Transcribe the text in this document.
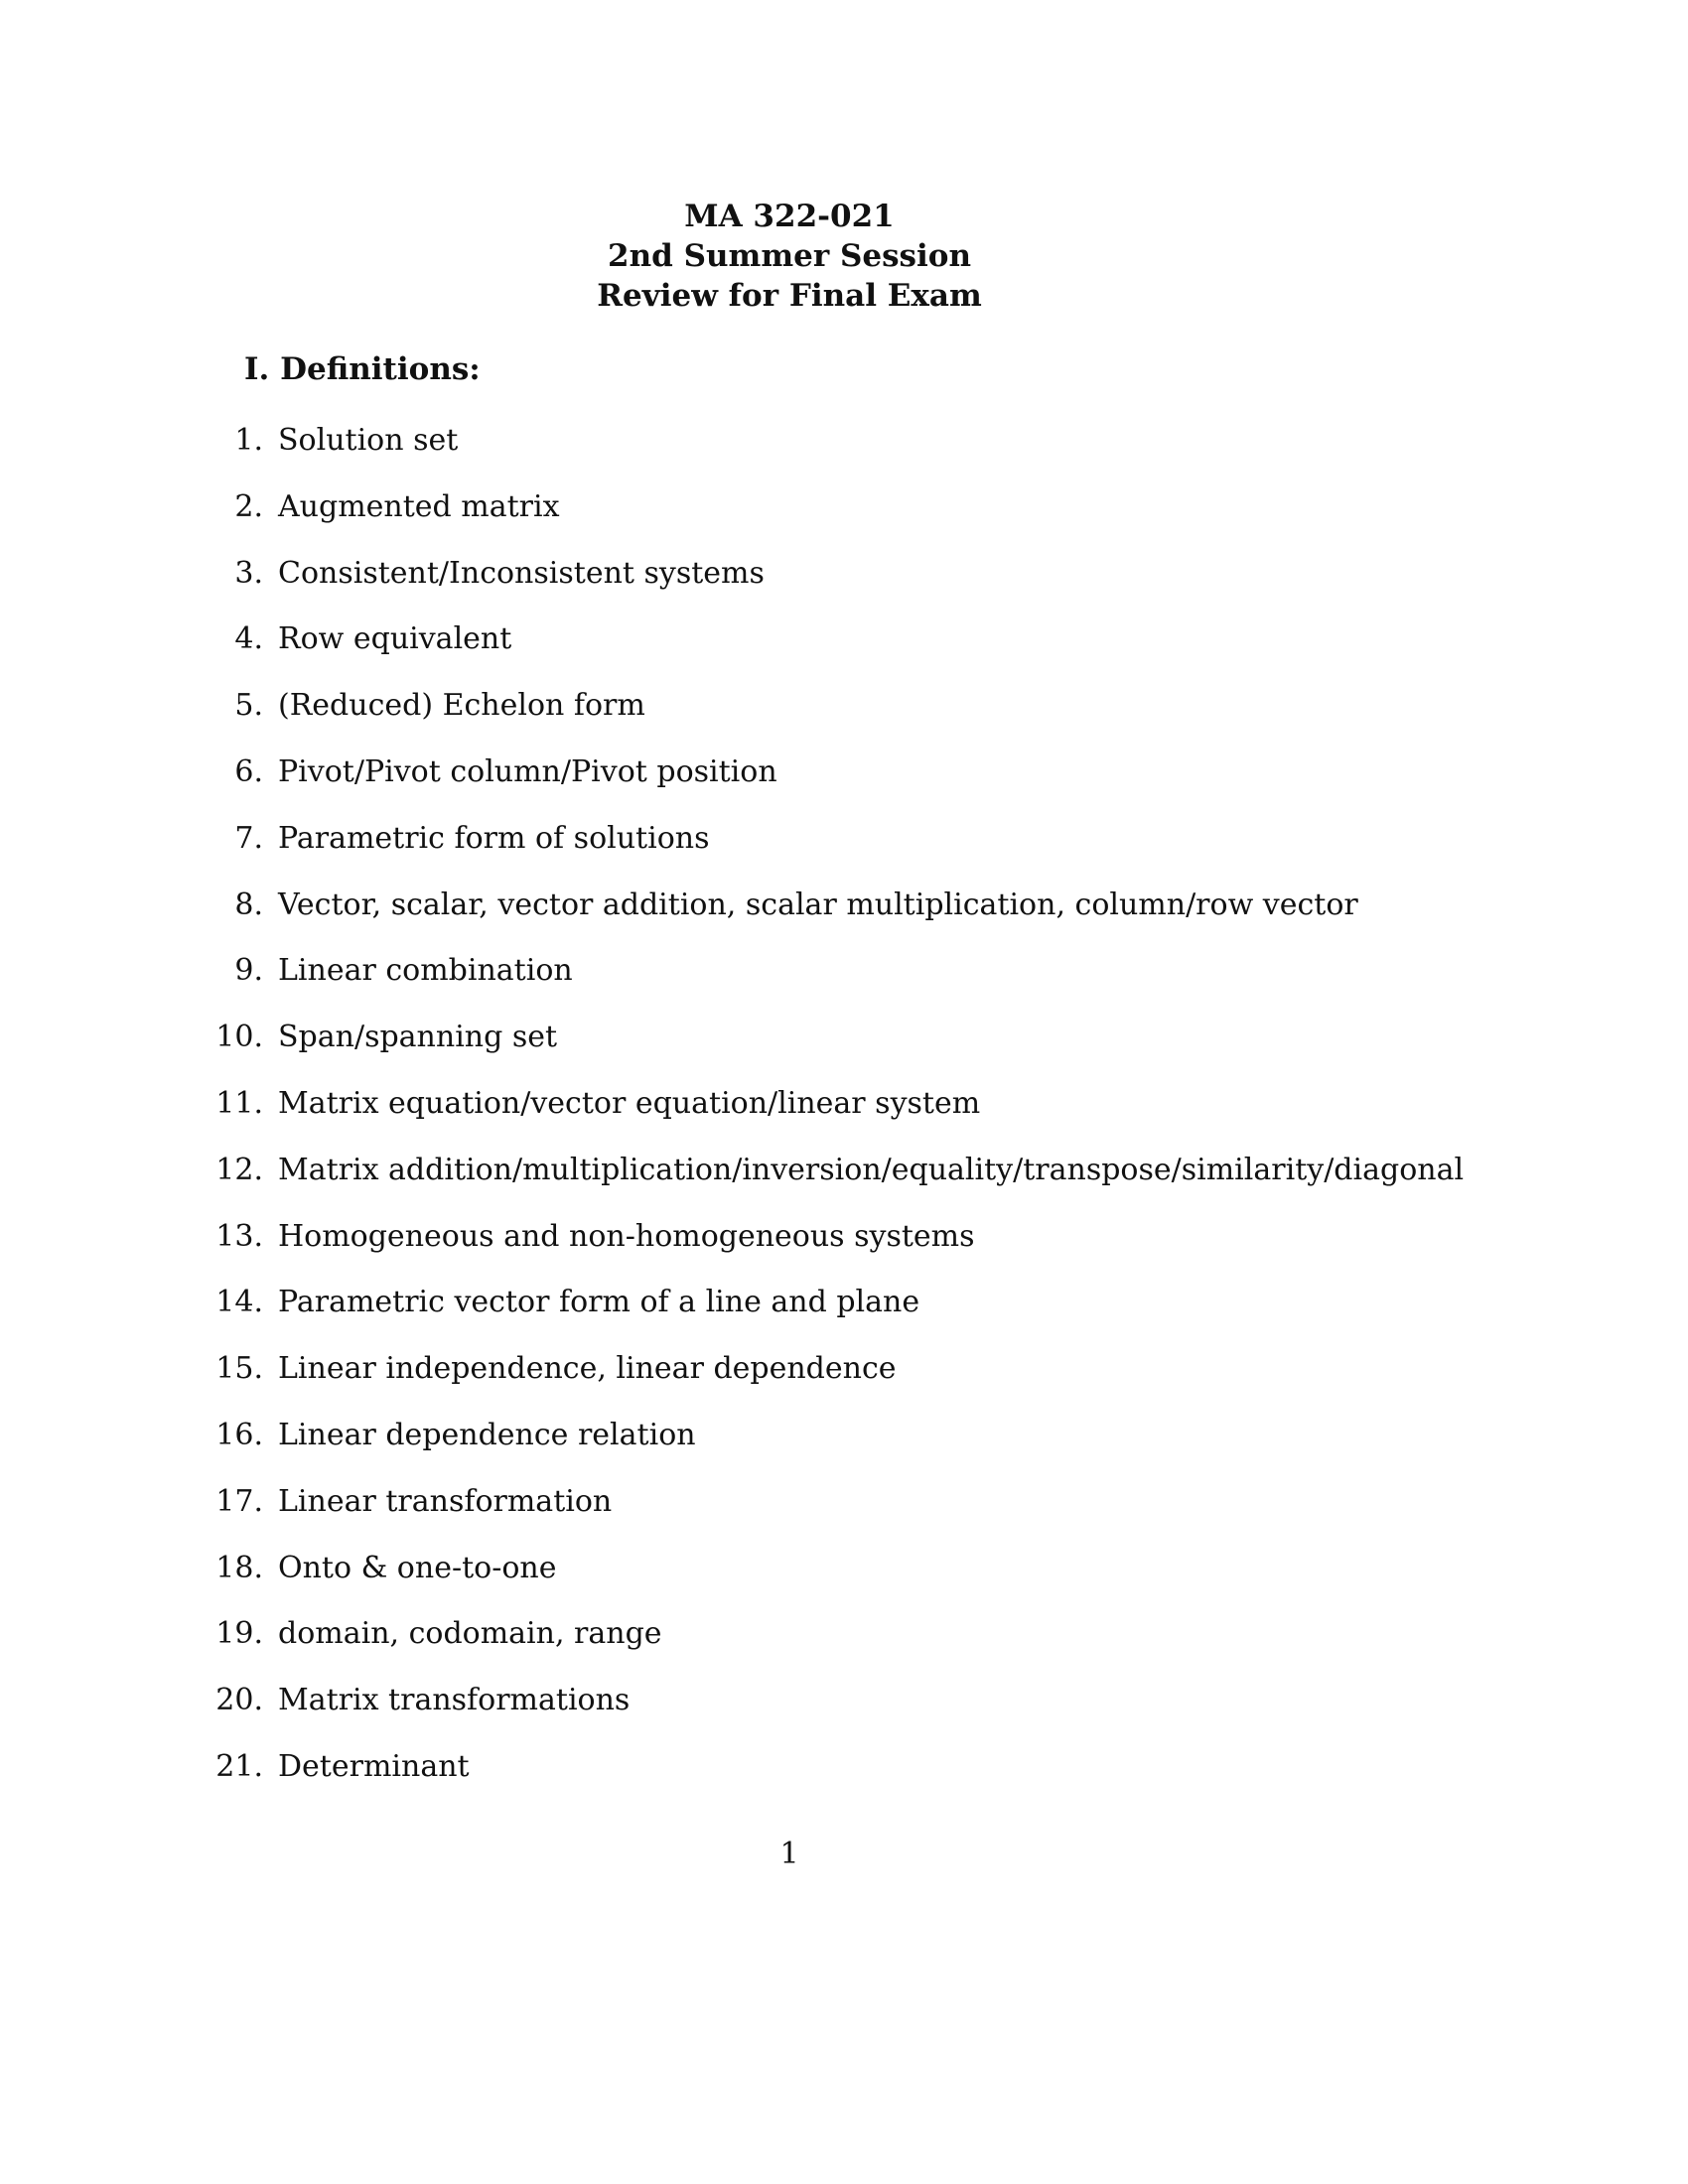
MA 322-021
2nd Summer Session
Review for Final Exam
I. Definitions:
1. Solution set
2. Augmented matrix
3. Consistent/Inconsistent systems
4. Row equivalent
5. (Reduced) Echelon form
6. Pivot/Pivot column/Pivot position
7. Parametric form of solutions
8. Vector, scalar, vector addition, scalar multiplication, column/row vector
9. Linear combination
10. Span/spanning set
11. Matrix equation/vector equation/linear system
12. Matrix addition/multiplication/inversion/equality/transpose/similarity/diagonal
13. Homogeneous and non-homogeneous systems
14. Parametric vector form of a line and plane
15. Linear independence, linear dependence
16. Linear dependence relation
17. Linear transformation
18. Onto & one-to-one
19. domain, codomain, range
20. Matrix transformations
21. Determinant
1
